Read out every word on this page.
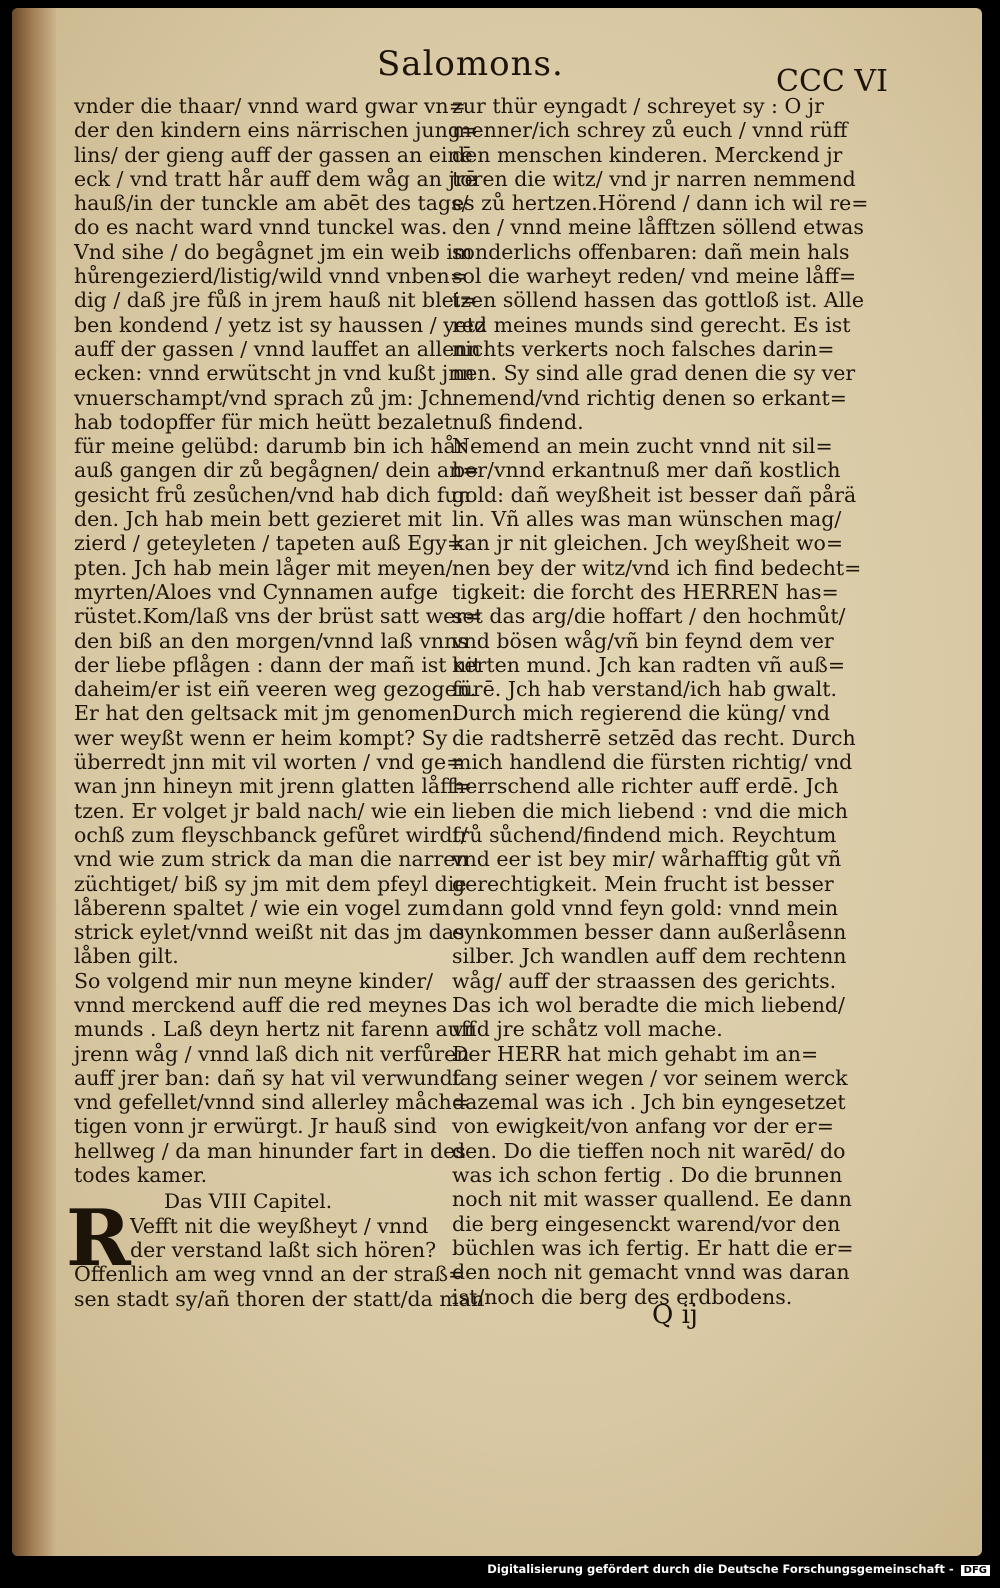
Salomons.	CCC VI
vnder die thaar/ vnnd ward gwar vn=
der den kindern eins närrischen jung=
lins/ der gieng auff der gassen an einē
eck / vnd tratt hår auff dem wåg an jrē
hauß/in der tunckle am abēt des tags/
do es nacht ward vnnd tunckel was.
Vnd sihe / do begågnet jm ein weib im
hůrengezierd/listig/wild vnnd vnben=
dig / daß jre fůß in jrem hauß nit blei=
ben kondend / yetz ist sy haussen / yetz
auff der gassen / vnnd lauffet an allenn
ecken: vnnd erwütscht jn vnd kußt jnn
vnuerschampt/vnd sprach zů jm: Jch
hab todopffer für mich heütt bezalet
für meine gelübd: darumb bin ich hår
auß gangen dir zů begågnen/ dein an=
gesicht frů zesůchen/vnd hab dich fun
den. Jch hab mein bett gezieret mit
zierd / geteyleten / tapeten auß Egy=
pten. Jch hab mein låger mit meyen/
myrten/Aloes vnd Cynnamen aufge
rüstet.Kom/laß vns der brüst satt wer=
den biß an den morgen/vnnd laß vnns
der liebe pflågen : dann der mañ ist nit
daheim/er ist eiñ veeren weg gezogen.
Er hat den geltsack mit jm genomen:
wer weyßt wenn er heim kompt? Sy
überredt jnn mit vil worten / vnd ge=
wan jnn hineyn mit jrenn glatten låff=
tzen. Er volget jr bald nach/ wie ein
ochß zum fleyschbanck gefůret wirdt/
vnd wie zum strick da man die narren
züchtiget/ biß sy jm mit dem pfeyl die
låberenn spaltet / wie ein vogel zum
strick eylet/vnnd weißt nit das jm das
låben gilt.
So volgend mir nun meyne kinder/
vnnd merckend auff die red meynes
munds . Laß deyn hertz nit farenn auff
jrenn wåg / vnnd laß dich nit verfůren
auff jrer ban: dañ sy hat vil verwundt
vnd gefellet/vnnd sind allerley måch=
tigen vonn jr erwürgt. Jr hauß sind
hellweg / da man hinunder fart in des
todes kamer.
Das VIII Capitel.
R Vefft nit die weyßheyt / vnnd
der verstand laßt sich hören?
Offenlich am weg vnnd an der straß=
sen stadt sy/añ thoren der statt/da man
zur thür eyngadt / schreyet sy : O jr
menner/ich schrey zů euch / vnnd rüff
den menschen kinderen. Merckend jr
toren die witz/ vnd jr narren nemmend
es zů hertzen.Hörend / dann ich wil re=
den / vnnd meine låfftzen söllend etwas
sonderlichs offenbaren: dañ mein hals
sol die warheyt reden/ vnd meine låff=
tzen söllend hassen das gottloß ist. Alle
red meines munds sind gerecht. Es ist
nichts verkerts noch falsches darin=
nen. Sy sind alle grad denen die sy ver
nemend/vnd richtig denen so erkant=
nuß findend.
Nemend an mein zucht vnnd nit sil=
ber/vnnd erkantnuß mer dañ kostlich
gold: dañ weyßheit ist besser dañ pårä
lin. Vñ alles was man wünschen mag/
kan jr nit gleichen. Jch weyßheit wo=
nen bey der witz/vnd ich find bedecht=
tigkeit: die forcht des HERREN has=
set das arg/die hoffart / den hochmůt/
vnd bösen wåg/vñ bin feynd dem ver
kerten mund. Jch kan radten vñ auß=
fürē. Jch hab verstand/ich hab gwalt.
Durch mich regierend die küng/ vnd
die radtsherrē setzēd das recht. Durch
mich handlend die fürsten richtig/ vnd
herrschend alle richter auff erdē. Jch
lieben die mich liebend : vnd die mich
frů sůchend/findend mich. Reychtum
vnd eer ist bey mir/ wårhafftig gůt vñ
gerechtigkeit. Mein frucht ist besser
dann gold vnnd feyn gold: vnnd mein
eynkommen besser dann außerlåsenn
silber. Jch wandlen auff dem rechtenn
wåg/ auff der straassen des gerichts.
Das ich wol beradte die mich liebend/
vnd jre schåtz voll mache.
Der HERR hat mich gehabt im an=
fang seiner wegen / vor seinem werck
dazemal was ich . Jch bin eyngesetzet
von ewigkeit/von anfang vor der er=
den. Do die tieffen noch nit warēd/ do
was ich schon fertig . Do die brunnen
noch nit mit wasser quallend. Ee dann
die berg eingesenckt warend/vor den
büchlen was ich fertig. Er hatt die er=
den noch nit gemacht vnnd was daran
ist/noch die berg des erdbodens.
Q ij
Digitalisierung gefördert durch die Deutsche Forschungsgemeinschaft - DFG
